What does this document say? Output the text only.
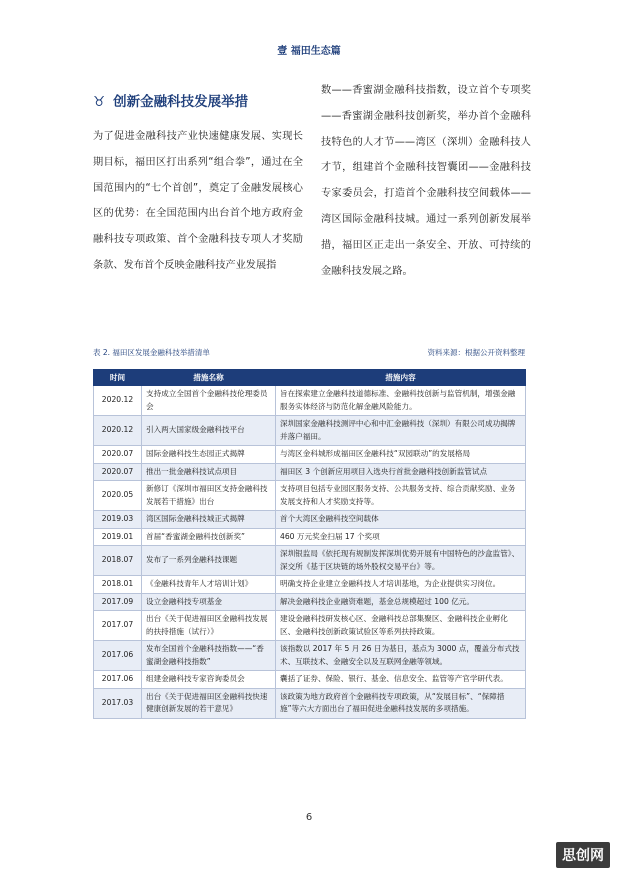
壹 福田生态篇
♉ 创新金融科技发展举措
为了促进金融科技产业快速健康发展、实现长期目标，福田区打出系列“组合拳”，通过在全国范围内的“七个首创”，奠定了金融发展核心区的优势：在全国范围内出台首个地方政府金融科技专项政策、首个金融科技专项人才奖励条款、发布首个反映金融科技产业发展指
数——香蜜湖金融科技指数，设立首个专项奖——香蜜湖金融科技创新奖，举办首个金融科技特色的人才节——湾区（深圳）金融科技人才节，组建首个金融科技智囊团——金融科技专家委员会，打造首个金融科技空间载体——湾区国际金融科技城。通过一系列创新发展举措，福田区正走出一条安全、开放、可持续的金融科技发展之路。
表 2. 福田区发展金融科技举措清单	资料来源：根据公开资料整理
时间	措施名称	措施内容
2020.12	支持成立全国首个金融科技伦理委员会	旨在探索建立金融科技道德标准、金融科技创新与监管机制，增强金融服务实体经济与防范化解金融风险能力。
2020.12	引入两大国家级金融科技平台	深圳国家金融科技测评中心和中汇金融科技（深圳）有限公司成功揭牌并落户福田。
2020.07	国际金融科技生态园正式揭牌	与湾区金科城形成福田区金融科技“双园联动”的发展格局
2020.07	推出一批金融科技试点项目	福田区 3 个创新应用项目入选央行首批金融科技创新监管试点
2020.05	新修订《深圳市福田区支持金融科技发展若干措施》出台	支持项目包括专业园区服务支持、公共服务支持、综合贡献奖励、业务发展支持和人才奖励支持等。
2019.03	湾区国际金融科技城正式揭牌	首个大湾区金融科技空间载体
2019.01	首届“香蜜湖金融科技创新奖”	460 万元奖金扫届 17 个奖项
2018.07	发布了一系列金融科技课题	深圳银监局《依托现有规制发挥深圳优势开展有中国特色的沙盒监管》、深交所《基于区块链的场外股权交易平台》等。
2018.01	《金融科技青年人才培训计划》	明确支持企业建立金融科技人才培训基地，为企业提供实习岗位。
2017.09	设立金融科技专项基金	解决金融科技企业融资难题，基金总规模超过 100 亿元。
2017.07	出台《关于促进福田区金融科技发展的扶持措施（试行）》	建设金融科技研发核心区、金融科技总部集聚区、金融科技企业孵化区、金融科技创新政策试验区等系列扶持政策。
2017.06	发布全国首个金融科技指数——“香蜜湖金融科技指数”	该指数以 2017 年 5 月 26 日为基日，基点为 3000 点，覆盖分布式技术、互联技术、金融安全以及互联网金融等领域。
2017.06	组建金融科技专家咨询委员会	囊括了证券、保险、银行、基金、信息安全、监管等产官学研代表。
2017.03	出台《关于促进福田区金融科技快速健康创新发展的若干意见》	该政策为地方政府首个金融科技专项政策，从“发展目标”、“保障措施”等六大方面出台了福田促进金融科技发展的多项措施。
6
思创网
